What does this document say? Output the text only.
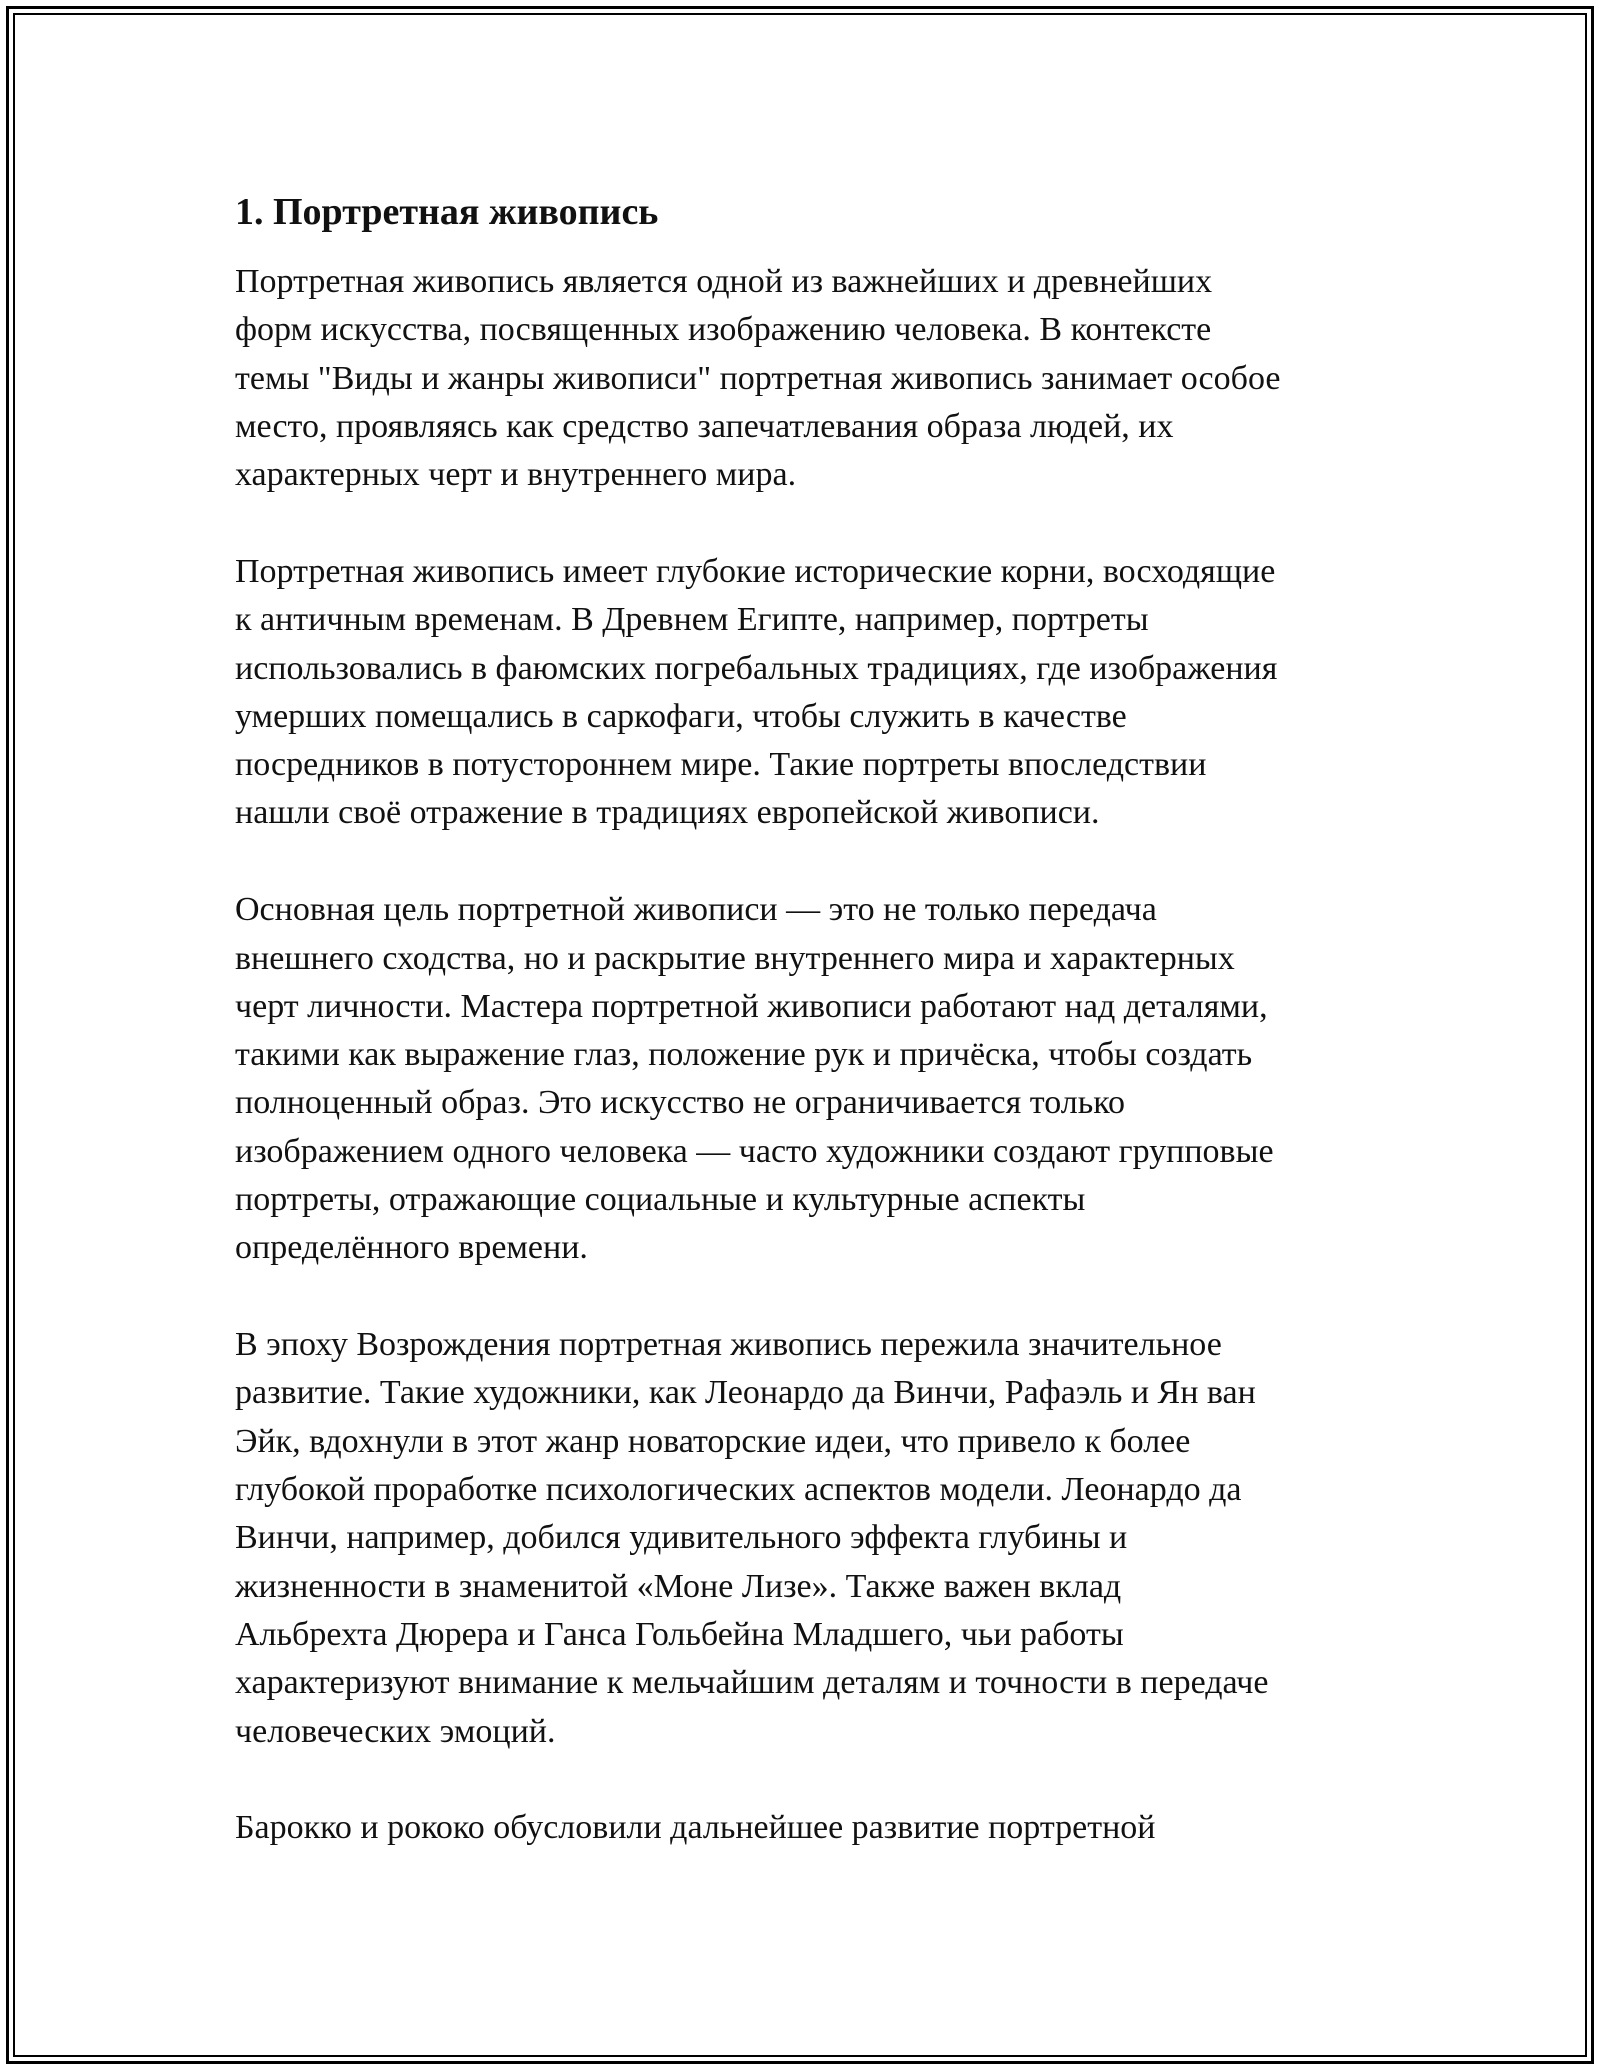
1. Портретная живопись

Портретная живопись является одной из важнейших и древнейших
форм искусства, посвященных изображению человека. В контексте
темы "Виды и жанры живописи" портретная живопись занимает особое
место, проявляясь как средство запечатлевания образа людей, их
характерных черт и внутреннего мира.

Портретная живопись имеет глубокие исторические корни, восходящие
к античным временам. В Древнем Египте, например, портреты
использовались в фаюмских погребальных традициях, где изображения
умерших помещались в саркофаги, чтобы служить в качестве
посредников в потустороннем мире. Такие портреты впоследствии
нашли своё отражение в традициях европейской живописи.

Основная цель портретной живописи — это не только передача
внешнего сходства, но и раскрытие внутреннего мира и характерных
черт личности. Мастера портретной живописи работают над деталями,
такими как выражение глаз, положение рук и причёска, чтобы создать
полноценный образ. Это искусство не ограничивается только
изображением одного человека — часто художники создают групповые
портреты, отражающие социальные и культурные аспекты
определённого времени.

В эпоху Возрождения портретная живопись пережила значительное
развитие. Такие художники, как Леонардо да Винчи, Рафаэль и Ян ван
Эйк, вдохнули в этот жанр новаторские идеи, что привело к более
глубокой проработке психологических аспектов модели. Леонардо да
Винчи, например, добился удивительного эффекта глубины и
жизненности в знаменитой «Моне Лизе». Также важен вклад
Альбрехта Дюрера и Ганса Гольбейна Младшего, чьи работы
характеризуют внимание к мельчайшим деталям и точности в передаче
человеческих эмоций.

Барокко и рококо обусловили дальнейшее развитие портретной
